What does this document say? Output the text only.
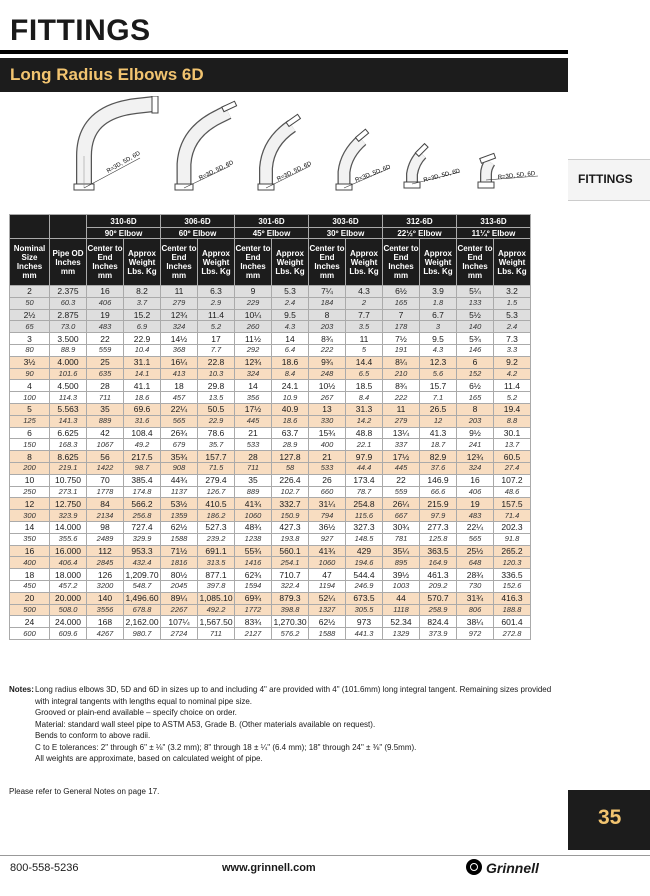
FITTINGS
Long Radius Elbows 6D
FITTINGS
R=3D, 5D, 6D	R=3D, 5D, 6D	R=3D, 5D, 6D	R=3D, 5D, 6D	R=3D, 5D, 6D	R=3D, 5D, 6D
		310-6D		306-6D		301-6D		303-6D		312-6D		313-6D	
		90º Elbow		60º Elbow		45º Elbow		30º Elbow		22½º Elbow		11¼º Elbow	
Nominal Size Inches mm	Pipe OD Inches mm	Center to End Inches mm	Approx Weight Lbs. Kg	Center to End Inches mm	Approx Weight Lbs. Kg	Center to End Inches mm	Approx Weight Lbs. Kg	Center to End Inches mm	Approx Weight Lbs. Kg	Center to End Inches mm	Approx Weight Lbs. Kg	Center to End Inches mm	Approx Weight Lbs. Kg
2	2.375	16	8.2	11	6.3	9	5.3	7¼	4.3	6½	3.9	5¼	3.2
50	60.3	406	3.7	279	2.9	229	2.4	184	2	165	1.8	133	1.5
2½	2.875	19	15.2	12¾	11.4	10¼	9.5	8	7.7	7	6.7	5½	5.3
65	73.0	483	6.9	324	5.2	260	4.3	203	3.5	178	3	140	2.4
3	3.500	22	22.9	14½	17	11½	14	8¾	11	7½	9.5	5¾	7.3
80	88.9	559	10.4	368	7.7	292	6.4	222	5	191	4.3	146	3.3
3½	4.000	25	31.1	16¼	22.8	12¾	18.6	9¾	14.4	8¼	12.3	6	9.2
90	101.6	635	14.1	413	10.3	324	8.4	248	6.5	210	5.6	152	4.2
4	4.500	28	41.1	18	29.8	14	24.1	10½	18.5	8¾	15.7	6½	11.4
100	114.3	711	18.6	457	13.5	356	10.9	267	8.4	222	7.1	165	5.2
5	5.563	35	69.6	22¼	50.5	17½	40.9	13	31.3	11	26.5	8	19.4
125	141.3	889	31.6	565	22.9	445	18.6	330	14.2	279	12	203	8.8
6	6.625	42	108.4	26¾	78.6	21	63.7	15¾	48.8	13¼	41.3	9½	30.1
150	168.3	1067	49.2	679	35.7	533	28.9	400	22.1	337	18.7	241	13.7
8	8.625	56	217.5	35¾	157.7	28	127.8	21	97.9	17½	82.9	12¾	60.5
200	219.1	1422	98.7	908	71.5	711	58	533	44.4	445	37.6	324	27.4
10	10.750	70	385.4	44¾	279.4	35	226.4	26	173.4	22	146.9	16	107.2
250	273.1	1778	174.8	1137	126.7	889	102.7	660	78.7	559	66.6	406	48.6
12	12.750	84	566.2	53½	410.5	41¾	332.7	31¼	254.8	26¼	215.9	19	157.5
300	323.9	2134	256.8	1359	186.2	1060	150.9	794	115.6	667	97.9	483	71.4
14	14.000	98	727.4	62½	527.3	48¾	427.3	36½	327.3	30¾	277.3	22¼	202.3
350	355.6	2489	329.9	1588	239.2	1238	193.8	927	148.5	781	125.8	565	91.8
16	16.000	112	953.3	71½	691.1	55¾	560.1	41¾	429	35¼	363.5	25½	265.2
400	406.4	2845	432.4	1816	313.5	1416	254.1	1060	194.6	895	164.9	648	120.3
18	18.000	126	1,209.70	80½	877.1	62¾	710.7	47	544.4	39½	461.3	28¾	336.5
450	457.2	3200	548.7	2045	397.8	1594	322.4	1194	246.9	1003	209.2	730	152.6
20	20.000	140	1,496.60	89¼	1,085.10	69¾	879.3	52¼	673.5	44	570.7	31¾	416.3
500	508.0	3556	678.8	2267	492.2	1772	398.8	1327	305.5	1118	258.9	806	188.8
24	24.000	168	2,162.00	107¼	1,567.50	83¾	1,270.30	62½	973	52.34	824.4	38¼	601.4
600	609.6	4267	980.7	2724	711	2127	576.2	1588	441.3	1329	373.9	972	272.8
Notes: Long radius elbows 3D, 5D and 6D in sizes up to and including 4" are provided with 4" (101.6mm) long integral tangent. Remaining sizes provided with integral tangents with lengths equal to nominal pipe size.
Grooved or plain-end available – specify choice on order.
Material: standard wall steel pipe to ASTM A53, Grade B. (Other materials available on request).
Bends to conform to above radii.
C to E tolerances: 2" through 6" ± ⅛" (3.2 mm); 8" through 18 ± ¼" (6.4 mm); 18" through 24" ± ⅜" (9.5mm).
All weights are approximate, based on calculated weight of pipe.
Please refer to General Notes on page 17.
35
800-558-5236	www.grinnell.com	Grinnell
